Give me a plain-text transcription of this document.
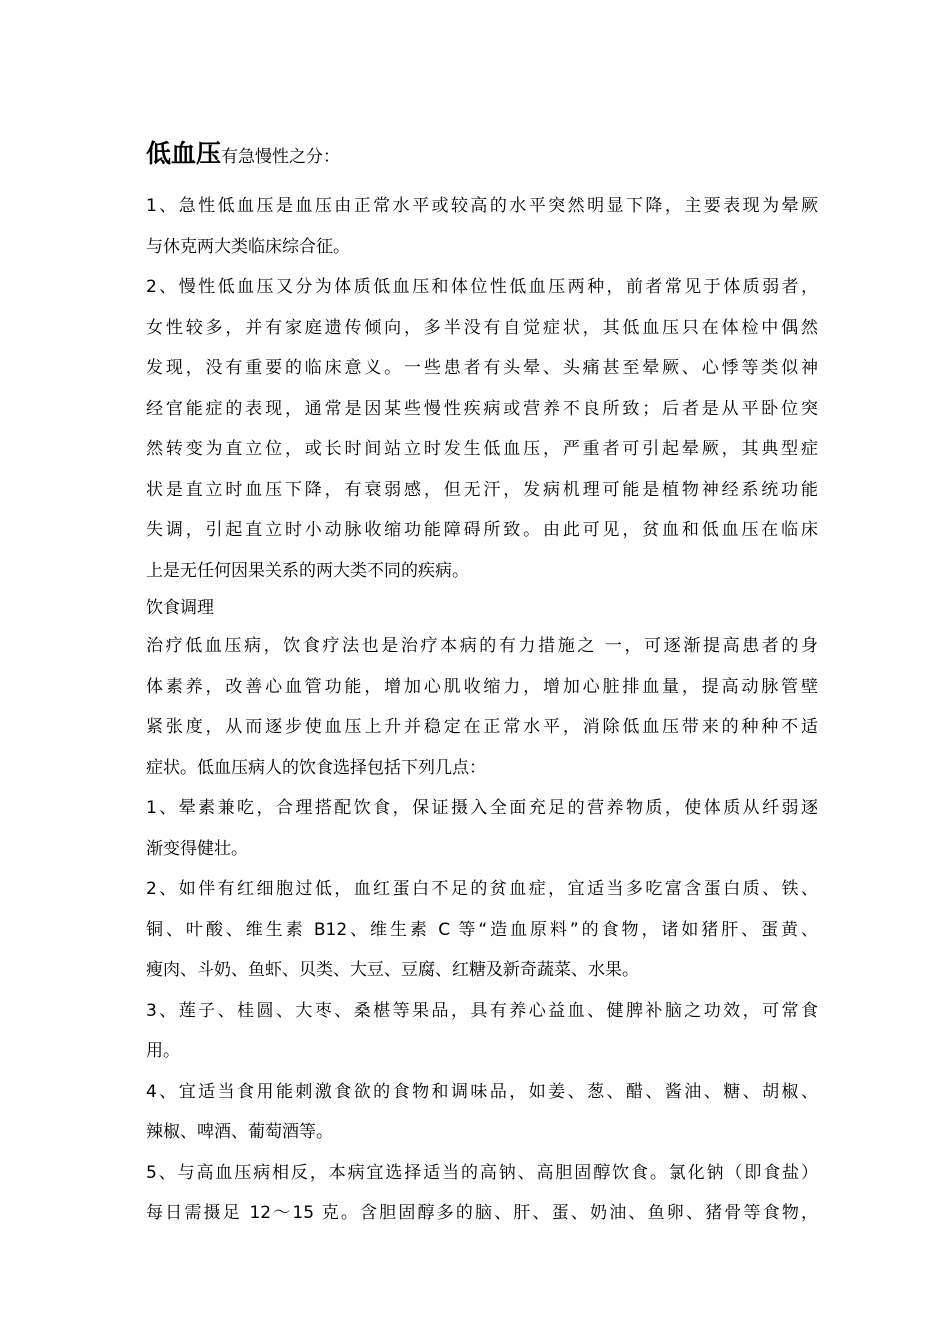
低血压有急慢性之分：

1、急性低血压是血压由正常水平或较高的水平突然明显下降，主要表现为晕厥
与休克两大类临床综合征。

2、慢性低血压又分为体质低血压和体位性低血压两种，前者常见于体质弱者，
女性较多，并有家庭遗传倾向，多半没有自觉症状，其低血压只在体检中偶然
发现，没有重要的临床意义。一些患者有头晕、头痛甚至晕厥、心悸等类似神
经官能症的表现，通常是因某些慢性疾病或营养不良所致；后者是从平卧位突
然转变为直立位，或长时间站立时发生低血压，严重者可引起晕厥，其典型症
状是直立时血压下降，有衰弱感，但无汗，发病机理可能是植物神经系统功能
失调，引起直立时小动脉收缩功能障碍所致。由此可见，贫血和低血压在临床
上是无任何因果关系的两大类不同的疾病。

饮食调理

治疗低血压病，饮食疗法也是治疗本病的有力措施之 一，可逐渐提高患者的身
体素养，改善心血管功能，增加心肌收缩力，增加心脏排血量，提高动脉管壁
紧张度，从而逐步使血压上升并稳定在正常水平，消除低血压带来的种种不适
症状。低血压病人的饮食选择包括下列几点：

1、晕素兼吃，合理搭配饮食，保证摄入全面充足的营养物质，使体质从纤弱逐
渐变得健壮。

2、如伴有红细胞过低，血红蛋白不足的贫血症，宜适当多吃富含蛋白质、铁、
铜、叶酸、维生素 B12、维生素 C 等“造血原料”的食物，诸如猪肝、蛋黄、
瘦肉、斗奶、鱼虾、贝类、大豆、豆腐、红糖及新奇蔬菜、水果。

3、莲子、桂圆、大枣、桑椹等果品，具有养心益血、健脾补脑之功效，可常食
用。

4、宜适当食用能刺激食欲的食物和调味品，如姜、葱、醋、酱油、糖、胡椒、
辣椒、啤酒、葡萄酒等。

5、与高血压病相反，本病宜选择适当的高钠、高胆固醇饮食。氯化钠（即食盐）
每日需摄足 12～15 克。含胆固醇多的脑、肝、蛋、奶油、鱼卵、猪骨等食物，
